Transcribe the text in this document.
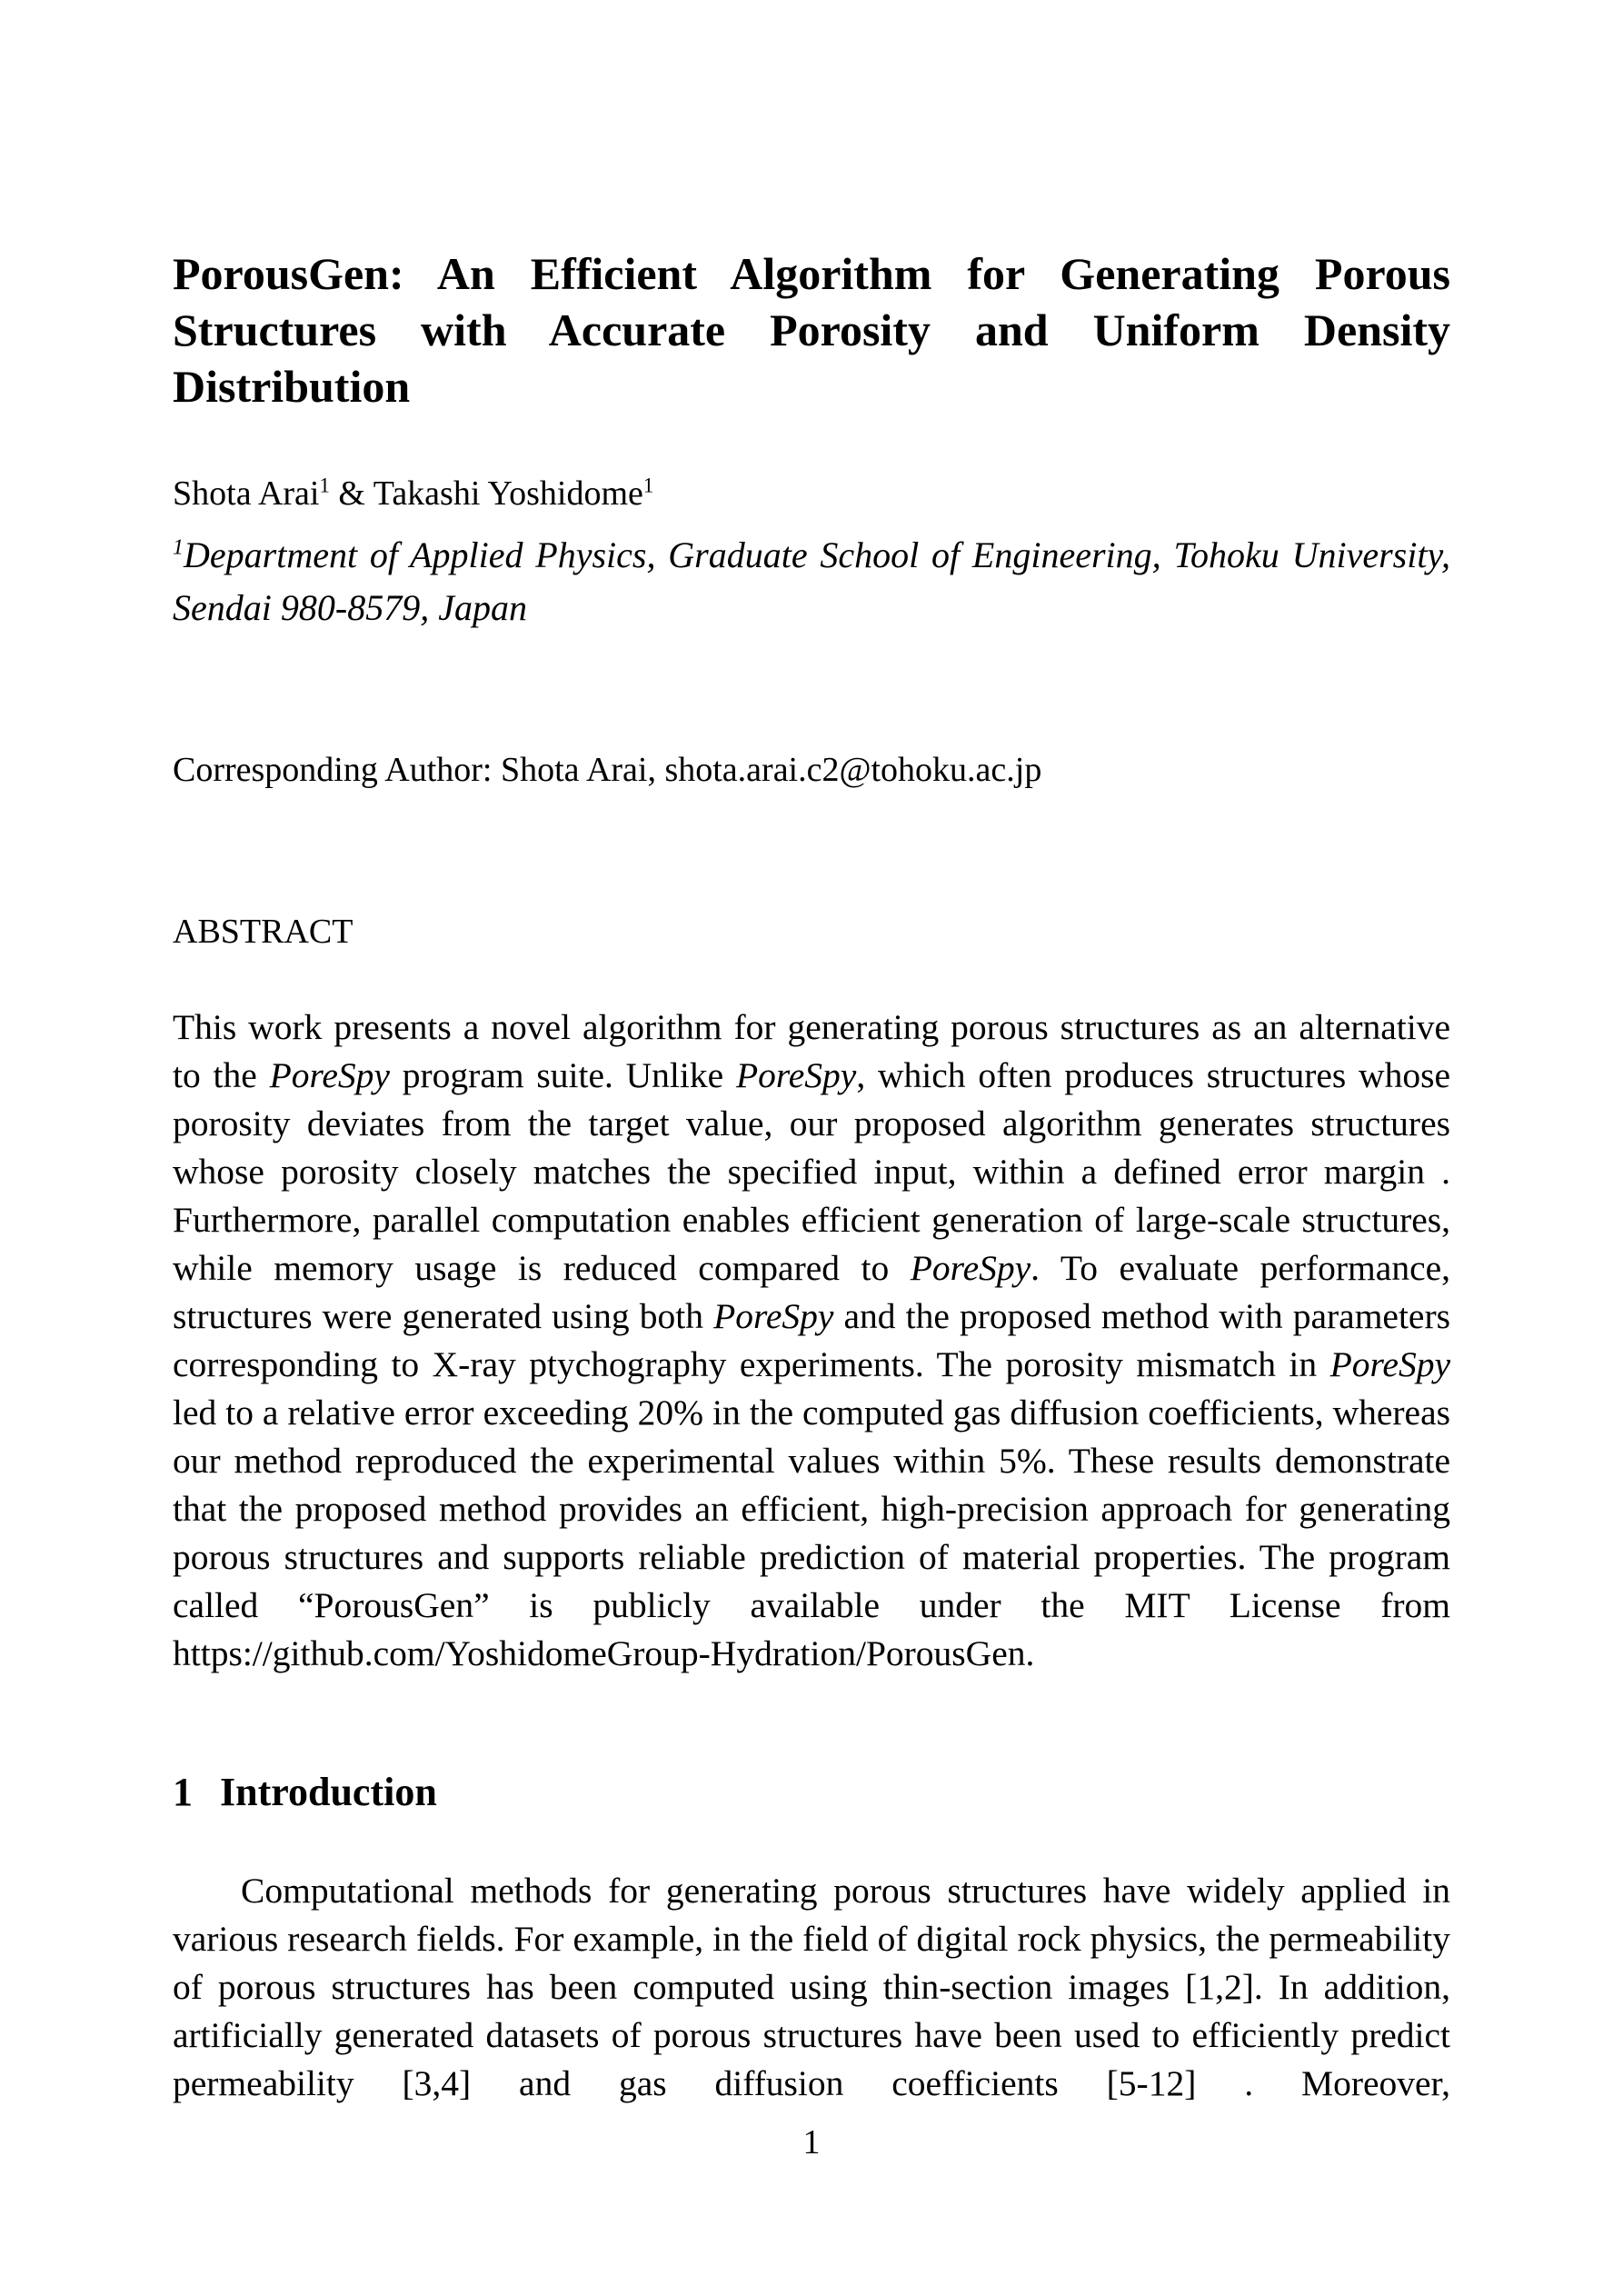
PorousGen: An Efficient Algorithm for Generating Porous Structures with Accurate Porosity and Uniform Density Distribution

Shota Arai$^1$ & Takashi Yoshidome$^1$

$^1$Department of Applied Physics, Graduate School of Engineering, Tohoku University, Sendai 980-8579, Japan

Corresponding Author: Shota Arai, shota.arai.c2@tohoku.ac.jp

ABSTRACT

This work presents a novel algorithm for generating porous structures as an alternative to the PoreSpy program suite. Unlike PoreSpy, which often produces structures whose porosity deviates from the target value, our proposed algorithm generates structures whose porosity closely matches the specified input, within a defined error margin . Furthermore, parallel computation enables efficient generation of large-scale structures, while memory usage is reduced compared to PoreSpy. To evaluate performance, structures were generated using both PoreSpy and the proposed method with parameters corresponding to X-ray ptychography experiments. The porosity mismatch in PoreSpy led to a relative error exceeding 20% in the computed gas diffusion coefficients, whereas our method reproduced the experimental values within 5%. These results demonstrate that the proposed method provides an efficient, high-precision approach for generating porous structures and supports reliable prediction of material properties. The program called “PorousGen” is publicly available under the MIT License from https://github.com/YoshidomeGroup-Hydration/PorousGen.

1 Introduction

Computational methods for generating porous structures have widely applied in various research fields. For example, in the field of digital rock physics, the permeability of porous structures has been computed using thin-section images [1,2]. In addition, artificially generated datasets of porous structures have been used to efficiently predict permeability [3,4] and gas diffusion coefficients [5-12] . Moreover,

1
